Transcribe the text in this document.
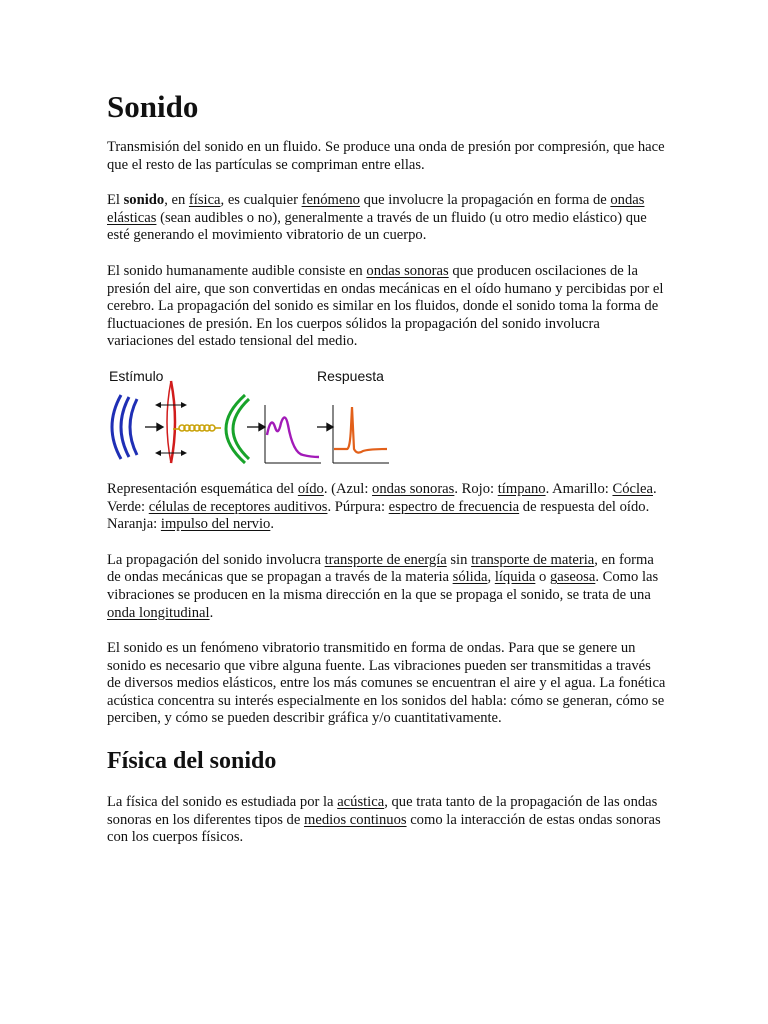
Sonido

Transmisión del sonido en un fluido. Se produce una onda de presión por compresión, que hace que el resto de las partículas se compriman entre ellas.

El sonido, en física, es cualquier fenómeno que involucre la propagación en forma de ondas elásticas (sean audibles o no), generalmente a través de un fluido (u otro medio elástico) que esté generando el movimiento vibratorio de un cuerpo.

El sonido humanamente audible consiste en ondas sonoras que producen oscilaciones de la presión del aire, que son convertidas en ondas mecánicas en el oído humano y percibidas por el cerebro. La propagación del sonido es similar en los fluidos, donde el sonido toma la forma de fluctuaciones de presión. En los cuerpos sólidos la propagación del sonido involucra variaciones del estado tensional del medio.

Estímulo	Respuesta

Representación esquemática del oído. (Azul: ondas sonoras. Rojo: tímpano. Amarillo: Cóclea. Verde: células de receptores auditivos. Púrpura: espectro de frecuencia de respuesta del oído. Naranja: impulso del nervio.

La propagación del sonido involucra transporte de energía sin transporte de materia, en forma de ondas mecánicas que se propagan a través de la materia sólida, líquida o gaseosa. Como las vibraciones se producen en la misma dirección en la que se propaga el sonido, se trata de una onda longitudinal.

El sonido es un fenómeno vibratorio transmitido en forma de ondas. Para que se genere un sonido es necesario que vibre alguna fuente. Las vibraciones pueden ser transmitidas a través de diversos medios elásticos, entre los más comunes se encuentran el aire y el agua. La fonética acústica concentra su interés especialmente en los sonidos del habla: cómo se generan, cómo se perciben, y cómo se pueden describir gráfica y/o cuantitativamente.

Física del sonido

La física del sonido es estudiada por la acústica, que trata tanto de la propagación de las ondas sonoras en los diferentes tipos de medios continuos como la interacción de estas ondas sonoras con los cuerpos físicos.
